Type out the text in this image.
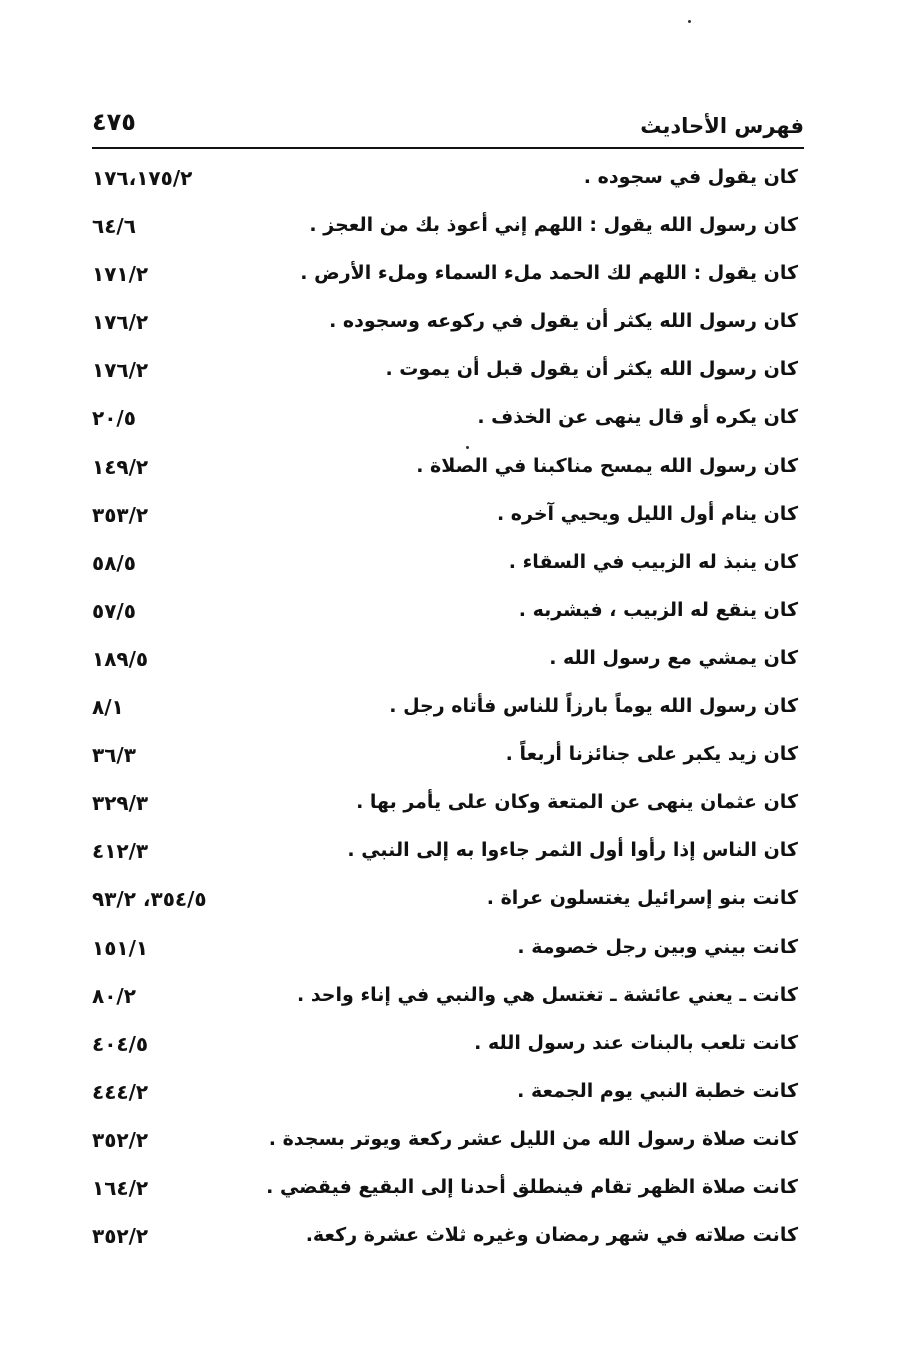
فهرس الأحاديث
٤٧٥
كان يقول في سجوده .
١٧٦،١٧٥/٢
كان رسول الله يقول : اللهم إني أعوذ بك من العجز .
٦٤/٦
كان يقول : اللهم لك الحمد ملء السماء وملء الأرض .
١٧١/٢
كان رسول الله يكثر أن يقول في ركوعه وسجوده .
١٧٦/٢
كان رسول الله يكثر أن يقول قبل أن يموت .
١٧٦/٢
كان يكره أو قال ينهى عن الخذف .
٢٠/٥
كان رسول الله يمسح مناكبنا في الصلاة .
١٤٩/٢
كان ينام أول الليل ويحيي آخره .
٣٥٣/٢
كان ينبذ له الزبيب في السقاء .
٥٨/٥
كان ينقع له الزبيب ، فيشربه .
٥٧/٥
كان يمشي مع رسول الله .
١٨٩/٥
كان رسول الله يوماً بارزاً للناس فأتاه رجل .
٨/١
كان زيد يكبر على جنائزنا أربعاً .
٣٦/٣
كان عثمان ينهى عن المتعة وكان على يأمر بها .
٣٢٩/٣
كان الناس إذا رأوا أول الثمر جاءوا به إلى النبي .
٤١٢/٣
كانت بنو إسرائيل يغتسلون عراة .
٣٥٤/٥، ٩٣/٢
كانت بيني وبين رجل خصومة .
١٥١/١
كانت ـ يعني عائشة ـ تغتسل هي والنبي في إناء واحد .
٨٠/٢
كانت تلعب بالبنات عند رسول الله .
٤٠٤/٥
كانت خطبة النبي يوم الجمعة .
٤٤٤/٢
كانت صلاة رسول الله من الليل عشر ركعة ويوتر بسجدة .
٣٥٢/٢
كانت صلاة الظهر تقام فينطلق أحدنا إلى البقيع فيقضي .
١٦٤/٢
كانت صلاته في شهر رمضان وغيره ثلاث عشرة ركعة.
٣٥٢/٢
